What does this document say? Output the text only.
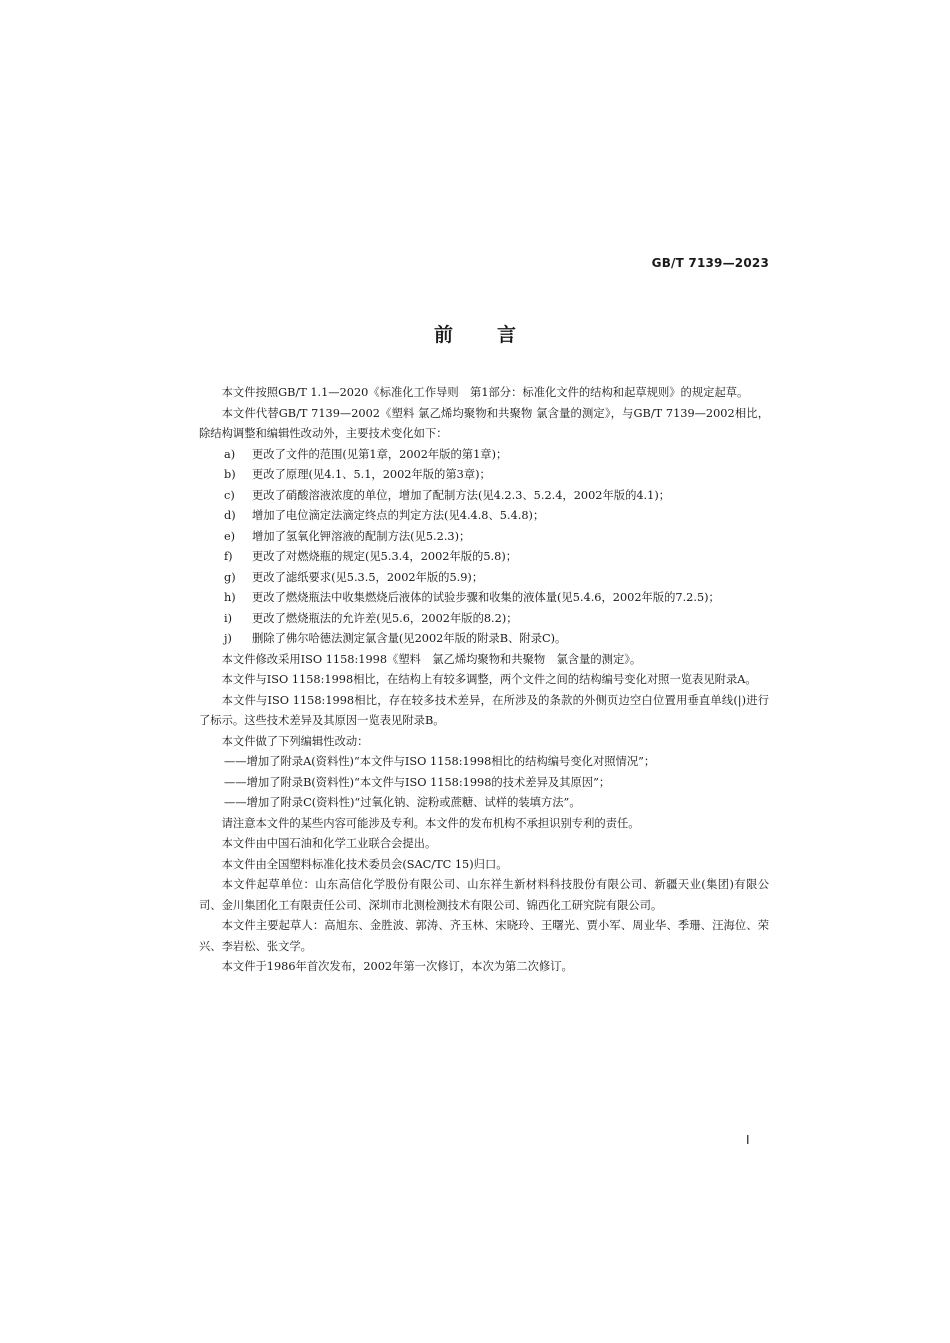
GB/T 7139—2023
前言

本文件按照GB/T 1.1—2020《标准化工作导则　第1部分：标准化文件的结构和起草规则》的规定起草。

本文件代替GB/T 7139—2002《塑料 氯乙烯均聚物和共聚物 氯含量的测定》，与GB/T 7139—2002相比，除结构调整和编辑性改动外，主要技术变化如下：

a) 更改了文件的范围(见第1章，2002年版的第1章)；

b) 更改了原理(见4.1、5.1，2002年版的第3章)；

c) 更改了硝酸溶液浓度的单位，增加了配制方法(见4.2.3、5.2.4，2002年版的4.1)；

d) 增加了电位滴定法滴定终点的判定方法(见4.4.8、5.4.8)；

e) 增加了氢氧化钾溶液的配制方法(见5.2.3)；

f) 更改了对燃烧瓶的规定(见5.3.4，2002年版的5.8)；

g) 更改了滤纸要求(见5.3.5，2002年版的5.9)；

h) 更改了燃烧瓶法中收集燃烧后液体的试验步骤和收集的液体量(见5.4.6，2002年版的7.2.5)；

i) 更改了燃烧瓶法的允许差(见5.6，2002年版的8.2)；

j) 删除了佛尔哈德法测定氯含量(见2002年版的附录B、附录C)。

本文件修改采用ISO 1158:1998《塑料　氯乙烯均聚物和共聚物　氯含量的测定》。

本文件与ISO 1158:1998相比，在结构上有较多调整，两个文件之间的结构编号变化对照一览表见附录A。

本文件与ISO 1158:1998相比，存在较多技术差异，在所涉及的条款的外侧页边空白位置用垂直单线(|)进行了标示。这些技术差异及其原因一览表见附录B。

本文件做了下列编辑性改动：

——增加了附录A(资料性)“本文件与ISO 1158:1998相比的结构编号变化对照情况”；

——增加了附录B(资料性)“本文件与ISO 1158:1998的技术差异及其原因”；

——增加了附录C(资料性)“过氧化钠、淀粉或蔗糖、试样的装填方法”。

请注意本文件的某些内容可能涉及专利。本文件的发布机构不承担识别专利的责任。

本文件由中国石油和化学工业联合会提出。

本文件由全国塑料标准化技术委员会(SAC/TC 15)归口。

本文件起草单位：山东高信化学股份有限公司、山东祥生新材料科技股份有限公司、新疆天业(集团)有限公司、金川集团化工有限责任公司、深圳市北测检测技术有限公司、锦西化工研究院有限公司。

本文件主要起草人：高旭东、金胜波、郭涛、齐玉林、宋晓玲、王曙光、贾小军、周业华、季珊、汪海位、荣兴、李岩松、张文学。

本文件于1986年首次发布，2002年第一次修订，本次为第二次修订。

I
